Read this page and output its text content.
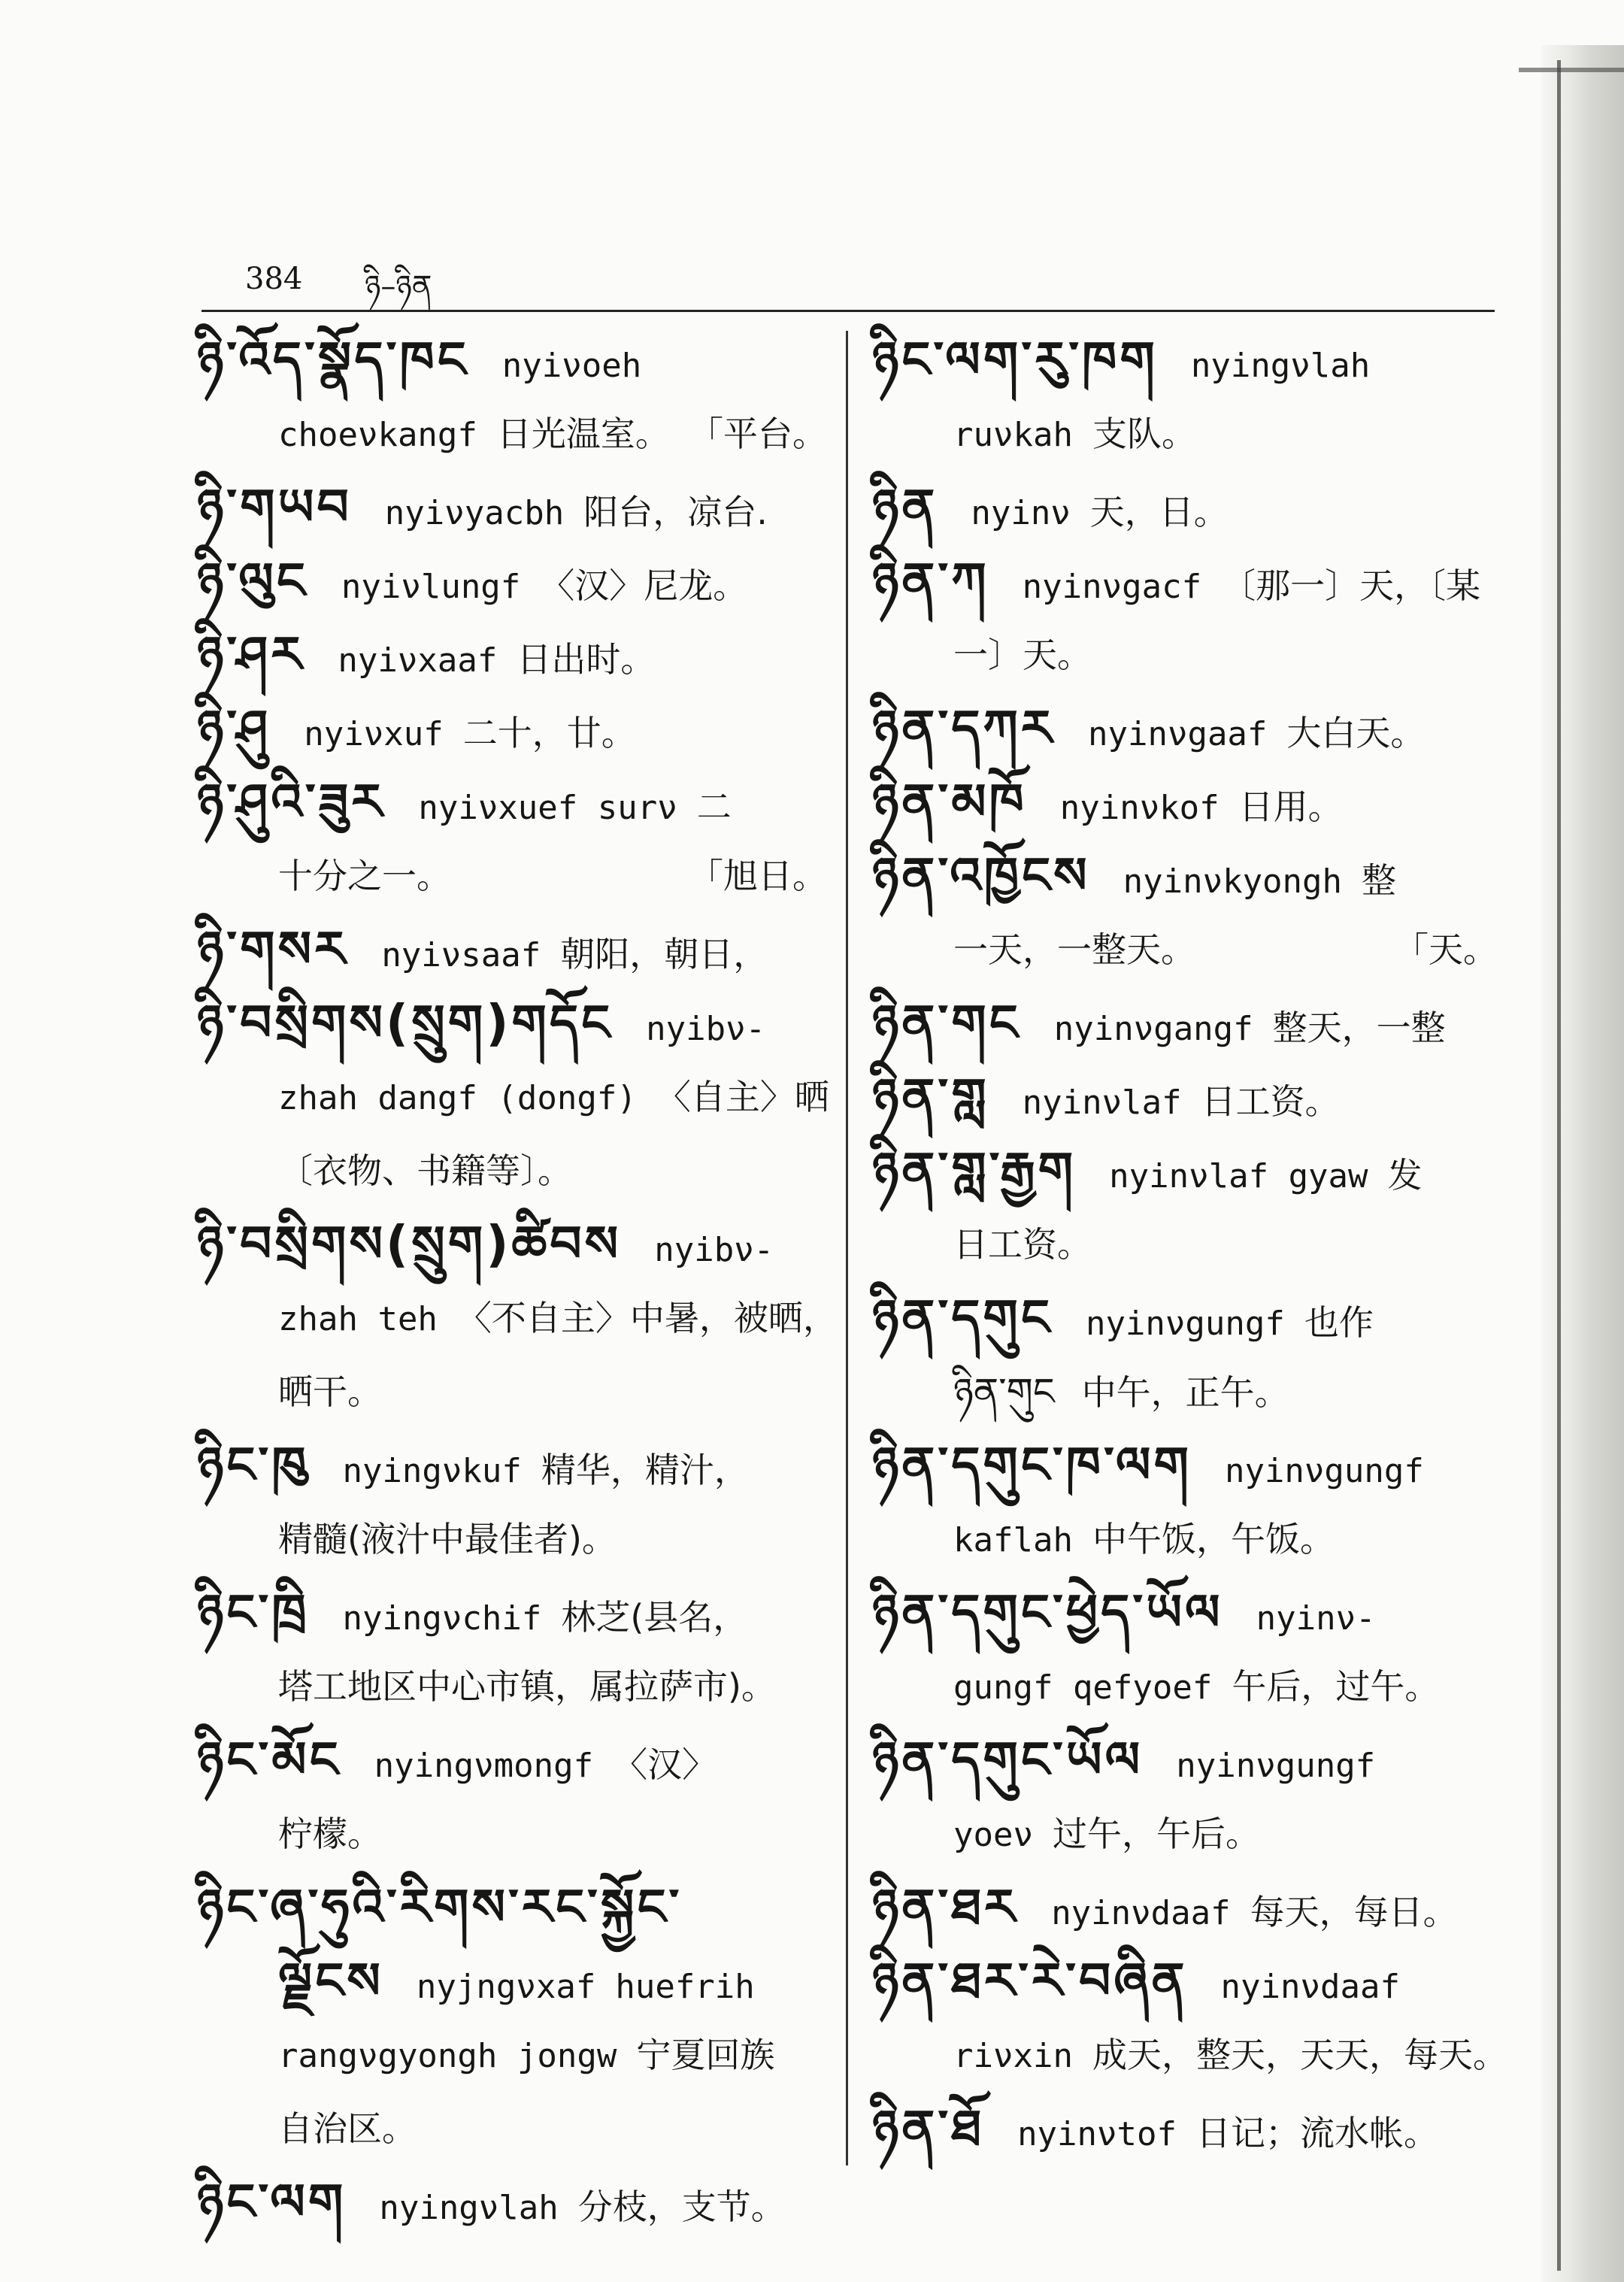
384 ཉི–ཉིན
ཉི་འོད་སྣོད་ཁང nyiνoeh
choeνkangf 日光温室。 「平台。
ཉི་གཡབ nyiνyacbh 阳台，凉台.
ཉི་ལུང nyiνlungf 〈汉〉尼龙。
ཉི་ཤར nyiνxaaf 日出时。
ཉི་ཤུ nyiνxuf 二十，廿。
ཉི་ཤུའི་ཟུར nyiνxuef surν 二
十分之一。	「旭日。
ཉི་གསར nyiνsaaf 朝阳，朝日，
ཉི་བསྲིགས(སྲུག)གདོང nyibν-
zhah dangf (dongf) 〈自主〉晒
〔衣物、书籍等〕。
ཉི་བསྲིགས(སྲུག)ཚིབས nyibν-
zhah teh 〈不自主〉中暑，被晒，
晒干。
ཉིང་ཁུ nyingνkuf 精华，精汁，
精髓(液汁中最佳者)。
ཉིང་ཁྲི nyingνchif 林芝(县名，
塔工地区中心市镇，属拉萨市)。
ཉིང་མོང nyingνmongf 〈汉〉
柠檬。
ཉིང་ཞ་ཧུའི་རིགས་རང་སྐྱོང་
ལྗོངས nyjngνxaf huefrih
rangνgyongh jongw 宁夏回族
自治区。
ཉིང་ལག nyingνlah 分枝，支节。
ཉིང་ལག་རུ་ཁག nyingνlah
ruνkah 支队。
ཉིན nyinν 天，日。
ཉིན་ཀ nyinνgacf 〔那一〕天，〔某
一〕天。
ཉིན་དཀར nyinνgaaf 大白天。
ཉིན་མཁོ nyinνkof 日用。
ཉིན་འཁྱོངས nyinνkyongh 整
一天，一整天。	「天。
ཉིན་གང nyinνgangf 整天，一整
ཉིན་གླ nyinνlaf 日工资。
ཉིན་གླ་རྒྱག nyinνlaf gyaw 发
日工资。
ཉིན་དགུང nyinνgungf 也作
ཉིན་གུང 中午，正午。
ཉིན་དགུང་ཁ་ལག nyinνgungf
kaflah 中午饭，午饭。
ཉིན་དགུང་ཕྱེད་ཡོལ nyinν-
gungf qefyoef 午后，过午。
ཉིན་དགུང་ཡོལ nyinνgungf
yoeν 过午，午后。
ཉིན་ཐར nyinνdaaf 每天，每日。
ཉིན་ཐར་རེ་བཞིན nyinνdaaf
riνxin 成天，整天，天天，每天。
ཉིན་ཐོ nyinνtof 日记；流水帐。
